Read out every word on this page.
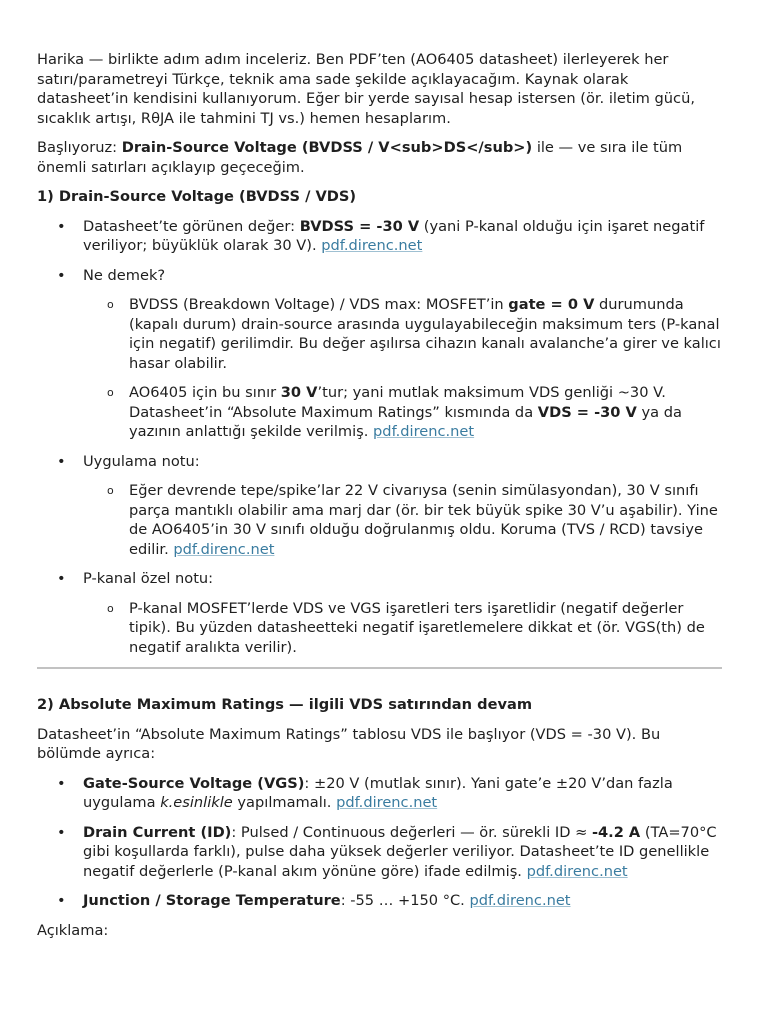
Harika — birlikte adım adım inceleriz. Ben PDF’ten (AO6405 datasheet) ilerleyerek her satırı/parametreyi Türkçe, teknik ama sade şekilde açıklayacağım. Kaynak olarak datasheet’in kendisini kullanıyorum. Eğer bir yerde sayısal hesap istersen (ör. iletim gücü, sıcaklık artışı, RθJA ile tahmini TJ vs.) hemen hesaplarım.

Başlıyoruz: Drain-Source Voltage (BVDSS / V<sub>DS</sub>) ile — ve sıra ile tüm önemli satırları açıklayıp geçeceğim.

1) Drain-Source Voltage (BVDSS / VDS)
• Datasheet’te görünen değer: BVDSS = -30 V (yani P-kanal olduğu için işaret negatif veriliyor; büyüklük olarak 30 V). pdf.direnc.net
• Ne demek?
o BVDSS (Breakdown Voltage) / VDS max: MOSFET’in gate = 0 V durumunda (kapalı durum) drain-source arasında uygulayabileceğin maksimum ters (P-kanal için negatif) gerilimdir. Bu değer aşılırsa cihazın kanalı avalanche’a girer ve kalıcı hasar olabilir.
o AO6405 için bu sınır 30 V’tur; yani mutlak maksimum VDS genliği ~30 V. Datasheet’in “Absolute Maximum Ratings” kısmında da VDS = -30 V ya da yazının anlattığı şekilde verilmiş. pdf.direnc.net
• Uygulama notu:
o Eğer devrende tepe/spike’lar 22 V civarıysa (senin simülasyondan), 30 V sınıfı parça mantıklı olabilir ama marj dar (ör. bir tek büyük spike 30 V’u aşabilir). Yine de AO6405’in 30 V sınıfı olduğu doğrulanmış oldu. Koruma (TVS / RCD) tavsiye edilir. pdf.direnc.net
• P-kanal özel notu:
o P-kanal MOSFET’lerde VDS ve VGS işaretleri ters işaretlidir (negatif değerler tipik). Bu yüzden datasheetteki negatif işaretlemelere dikkat et (ör. VGS(th) de negatif aralıkta verilir).
2) Absolute Maximum Ratings — ilgili VDS satırından devam

Datasheet’in “Absolute Maximum Ratings” tablosu VDS ile başlıyor (VDS = -30 V). Bu bölümde ayrıca:

• Gate-Source Voltage (VGS): ±20 V (mutlak sınır). Yani gate’e ±20 V’dan fazla uygulama k.esinlikle yapılmamalı. pdf.direnc.net
• Drain Current (ID): Pulsed / Continuous değerleri — ör. sürekli ID ≈ -4.2 A (TA=70°C gibi koşullarda farklı), pulse daha yüksek değerler veriliyor. Datasheet’te ID genellikle negatif değerlerle (P-kanal akım yönüne göre) ifade edilmiş. pdf.direnc.net
• Junction / Storage Temperature: -55 … +150 °C. pdf.direnc.net

Açıklama:
